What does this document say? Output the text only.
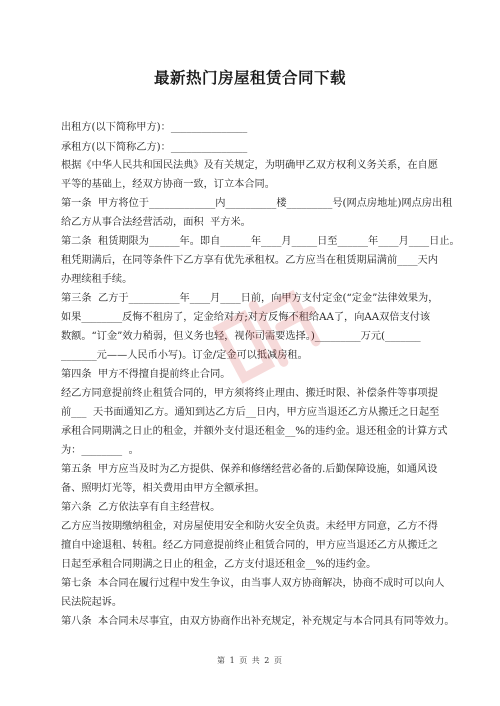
最新热门房屋租赁合同下载
出租方(以下简称甲方)：_______________
承租方(以下简称乙方)：_______________
根据《中华人民共和国民法典》及有关规定，为明确甲乙双方权利义务关系，在自愿
平等的基础上，经双方协商一致，订立本合同。
第一条  甲方将位于_____________内__________楼_________号(网点房地址)网点房出租
给乙方从事合法经营活动，面积  平方米。
第二条  租赁期限为______年。即自______年____月_____日至______年____月____日止。
租凭期满后，在同等条件下乙方享有优先承租权。乙方应当在租赁期届满前____天内
办理续租手续。
第三条  乙方于__________年____月____日前，向甲方支付定金(“定金”法律效果为，
如果________反悔不租房了，定金给对方;对方反悔不租给AA了，向AA双倍支付该
数额。“订金”效力稍弱，但义务也轻，视你司需要选择。)_________万元(_______
_______元——人民币小写)。订金/定金可以抵减房租。
第四条  甲方不得擅自提前终止合同。
经乙方同意提前终止租赁合同的，甲方须将终止理由、搬迁时限、补偿条件等事项提
前___  天书面通知乙方。通知到达乙方后__日内，甲方应当退还乙方从搬迁之日起至
承租合同期满之日止的租金，并额外支付退还租金__%的违约金。退还租金的计算方式
为：________  。
第五条  甲方应当及时为乙方提供、保养和修缮经营必备的.后勤保障设施，如通风设
备、照明灯光等，相关费用由甲方全额承担。
第六条  乙方依法享有自主经营权。
乙方应当按期缴纳租金，对房屋使用安全和防火安全负责。未经甲方同意，乙方不得
擅自中途退租、转租。经乙方同意提前终止租赁合同的，甲方应当退还乙方从搬迁之
日起至承租合同期满之日止的租金，乙方支付退还租金__%的违约金。
第七条  本合同在履行过程中发生争议，由当事人双方协商解决，协商不成时可以向人
民法院起诉。
第八条  本合同未尽事宜，由双方协商作出补充规定，补充规定与本合同具有同等效力。
第 1 页 共 2 页
